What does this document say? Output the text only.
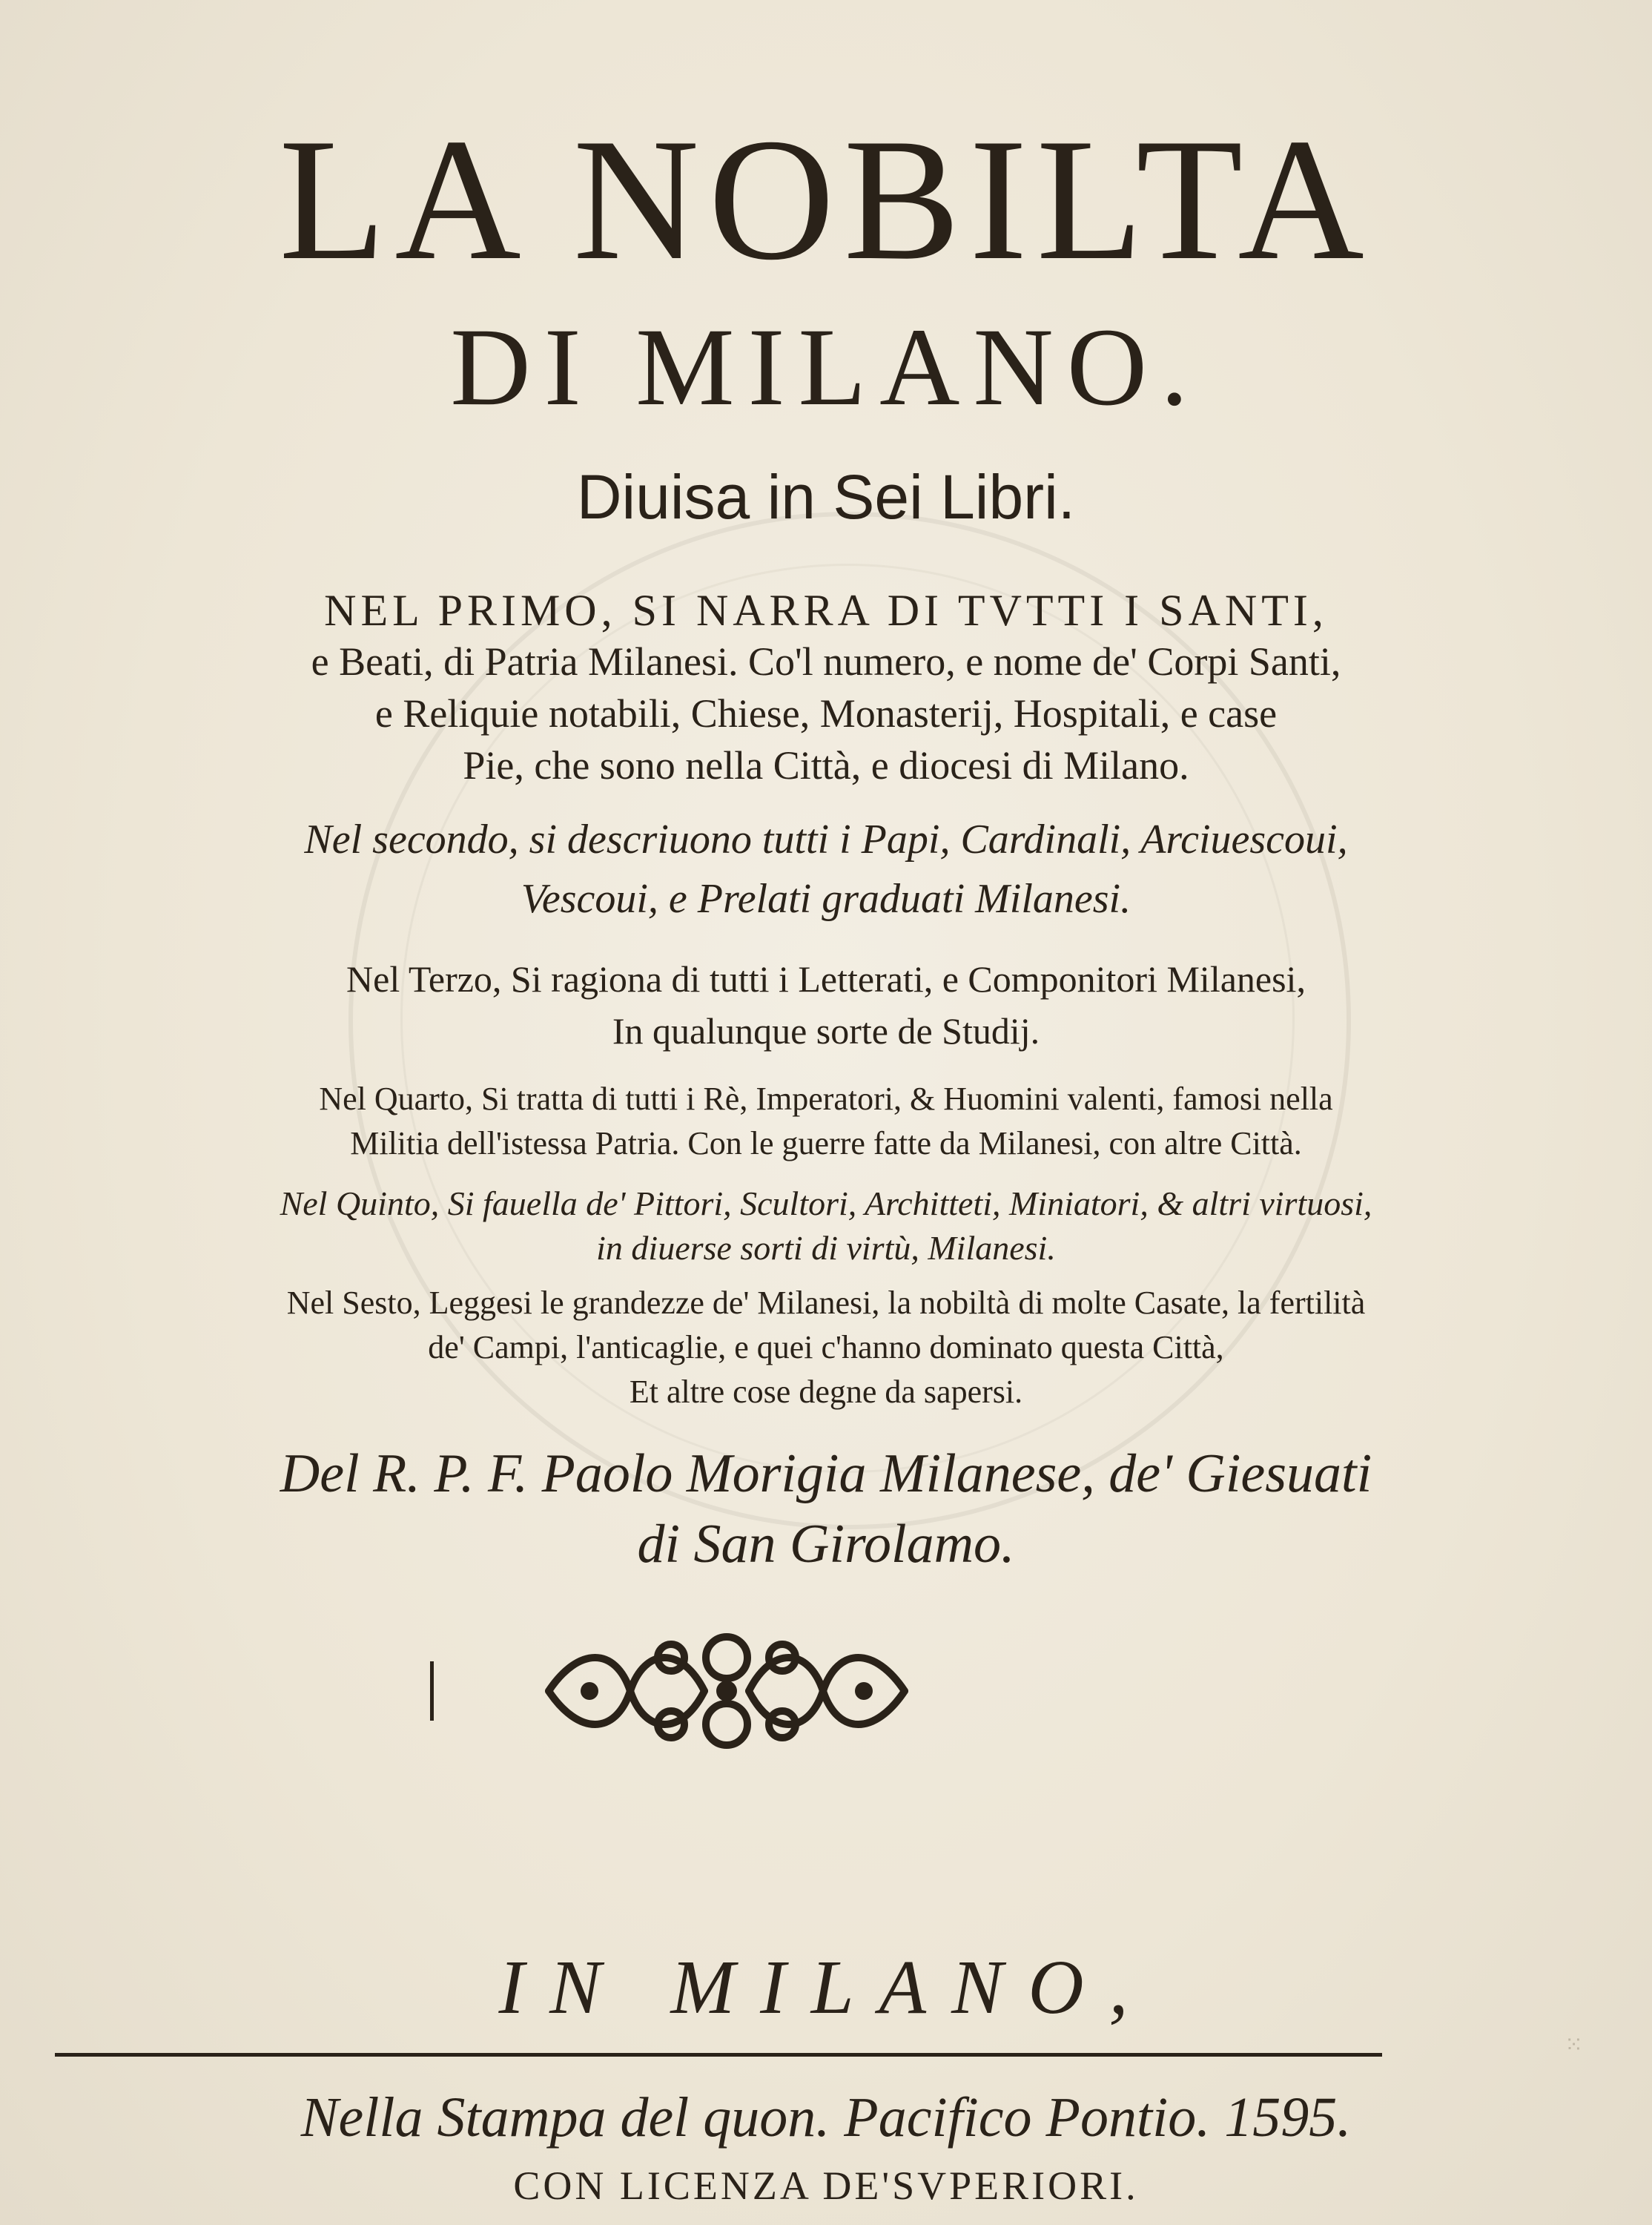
LA NOBILTA
DI MILANO.
Diuisa in Sei Libri.
NEL PRIMO, SI NARRA DI TVTTI I SANTI,
e Beati, di Patria Milanesi. Co'l numero, e nome de' Corpi Santi,
e Reliquie notabili, Chiese, Monasterij, Hospitali, e case
Pie, che sono nella Città, e diocesi di Milano.
Nel secondo, si descriuono tutti i Papi, Cardinali, Arciuescoui,
Vescoui, e Prelati graduati Milanesi.
Nel Terzo, Si ragiona di tutti i Letterati, e Componitori Milanesi,
In qualunque sorte de Studij.
Nel Quarto, Si tratta di tutti i Rè, Imperatori, & Huomini valenti, famosi nella
Militia dell'istessa Patria. Con le guerre fatte da Milanesi, con altre Città.
Nel Quinto, Si fauella de' Pittori, Scultori, Architteti, Miniatori, & altri virtuosi,
in diuerse sorti di virtù, Milanesi.
Nel Sesto, Leggesi le grandezze de' Milanesi, la nobiltà di molte Casate, la fertilità
de' Campi, l'anticaglie, e quei c'hanno dominato questa Città,
Et altre cose degne da sapersi.
Del R. P. F. Paolo Morigia Milanese, de' Giesuati
di San Girolamo.
IN MILANO,
Nella Stampa del quon. Pacifico Pontio. 1595.
CON LICENZA DE'SVPERIORI.
⁙
